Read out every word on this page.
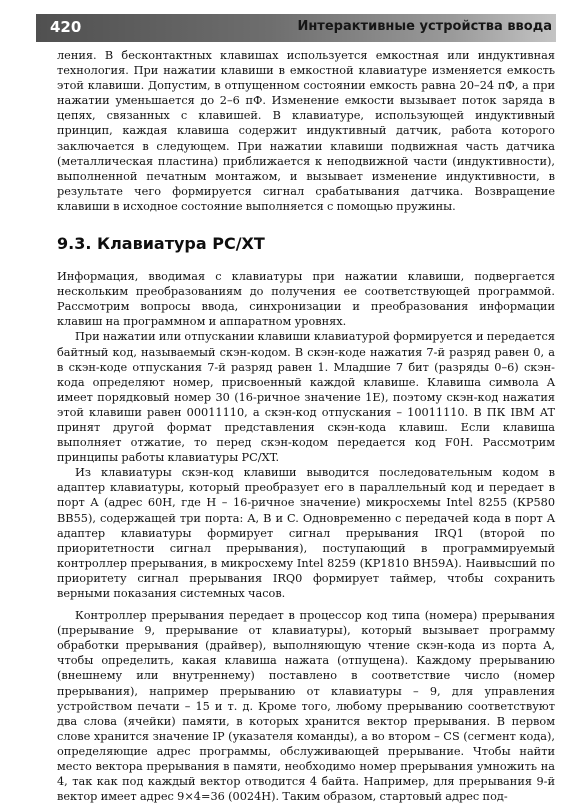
420	Интерактивные устройства ввода

ления. В бесконтактных клавишах используется емкостная или индуктивная технология. При нажатии клавиши в емкостной клавиатуре изменяется емкость этой клавиши. Допустим, в отпущенном состоянии емкость равна 20–24 пФ, а при нажатии уменьшается до 2–6 пФ. Изменение емкости вызывает поток заряда в цепях, связанных с клавишей. В клавиатуре, использующей индуктивный принцип, каждая клавиша содержит индуктивный датчик, работа которого заключается в следующем. При нажатии клавиши подвижная часть датчика (металлическая пластина) приближается к неподвижной части (индуктивности), выполненной печатным монтажом, и вызывает изменение индуктивности, в результате чего формируется сигнал срабатывания датчика. Возвращение клавиши в исходное состояние выполняется с помощью пружины.

9.3. Клавиатура PC/XT

Информация, вводимая с клавиатуры при нажатии клавиши, подвергается нескольким преобразованиям до получения ее соответствующей программой. Рассмотрим вопросы ввода, синхронизации и преобразования информации клавиш на программном и аппаратном уровнях.

При нажатии или отпускании клавиши клавиатурой формируется и передается байтный код, называемый скэн-кодом. В скэн-коде нажатия 7-й разряд равен 0, а в скэн-коде отпускания 7-й разряд равен 1. Младшие 7 бит (разряды 0–6) скэн-кода определяют номер, присвоенный каждой клавише. Клавиша символа A имеет порядковый номер 30 (16-ричное значение 1E), поэтому скэн-код нажатия этой клавиши равен 00011110, а скэн-код отпускания – 10011110. В ПК IBM AT принят другой формат представления скэн-кода клавиш. Если клавиша выполняет отжатие, то перед скэн-кодом передается код F0H. Рассмотрим принципы работы клавиатуры PC/XT.

Из клавиатуры скэн-код клавиши выводится последовательным кодом в адаптер клавиатуры, который преобразует его в параллельный код и передает в порт A (адрес 60H, где H – 16-ричное значение) микросхемы Intel 8255 (КР580 ВВ55), содержащей три порта: A, B и C. Одновременно с передачей кода в порт A адаптер клавиатуры формирует сигнал прерывания IRQ1 (второй по приоритетности сигнал прерывания), поступающий в программируемый контроллер прерывания, в микросхему Intel 8259 (КР1810 ВН59А). Наивысший по приоритету сигнал прерывания IRQ0 формирует таймер, чтобы сохранить верными показания системных часов.

Контроллер прерывания передает в процессор код типа (номера) прерывания (прерывание 9, прерывание от клавиатуры), который вызывает программу обработки прерывания (драйвер), выполняющую чтение скэн-кода из порта A, чтобы определить, какая клавиша нажата (отпущена). Каждому прерыванию (внешнему или внутреннему) поставлено в соответствие число (номер прерывания), например прерыванию от клавиатуры – 9, для управления устройством печати – 15 и т. д. Кроме того, любому прерыванию соответствуют два слова (ячейки) памяти, в которых хранится вектор прерывания. В первом слове хранится значение IP (указателя команды), а во втором – CS (сегмент кода), определяющие адрес программы, обслуживающей прерывание. Чтобы найти место вектора прерывания в памяти, необходимо номер прерывания умножить на 4, так как под каждый вектор отводится 4 байта. Например, для прерывания 9-й вектор имеет адрес 9×4=36 (0024H). Таким образом, стартовый адрес под-
